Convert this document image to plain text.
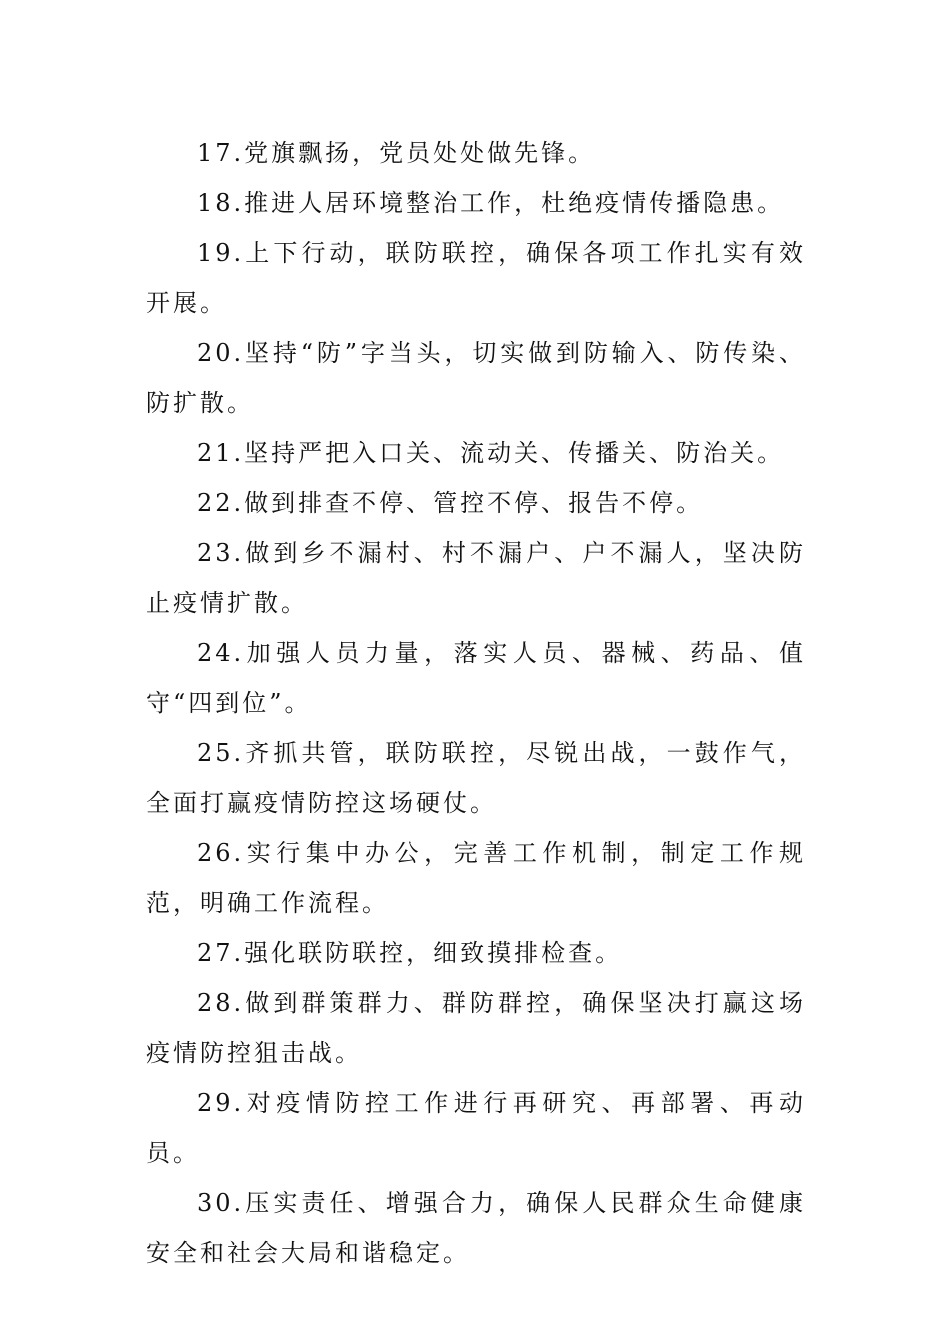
17.党旗飘扬，党员处处做先锋。

18.推进人居环境整治工作，杜绝疫情传播隐患。

19.上下行动，联防联控，确保各项工作扎实有效开展。

20.坚持“防”字当头，切实做到防输入、防传染、防扩散。

21.坚持严把入口关、流动关、传播关、防治关。

22.做到排查不停、管控不停、报告不停。

23.做到乡不漏村、村不漏户、户不漏人，坚决防止疫情扩散。

24.加强人员力量，落实人员、器械、药品、值守“四到位”。

25.齐抓共管，联防联控，尽锐出战，一鼓作气，全面打赢疫情防控这场硬仗。

26.实行集中办公，完善工作机制，制定工作规范，明确工作流程。

27.强化联防联控，细致摸排检查。

28.做到群策群力、群防群控，确保坚决打赢这场疫情防控狙击战。

29.对疫情防控工作进行再研究、再部署、再动员。

30.压实责任、增强合力，确保人民群众生命健康安全和社会大局和谐稳定。
